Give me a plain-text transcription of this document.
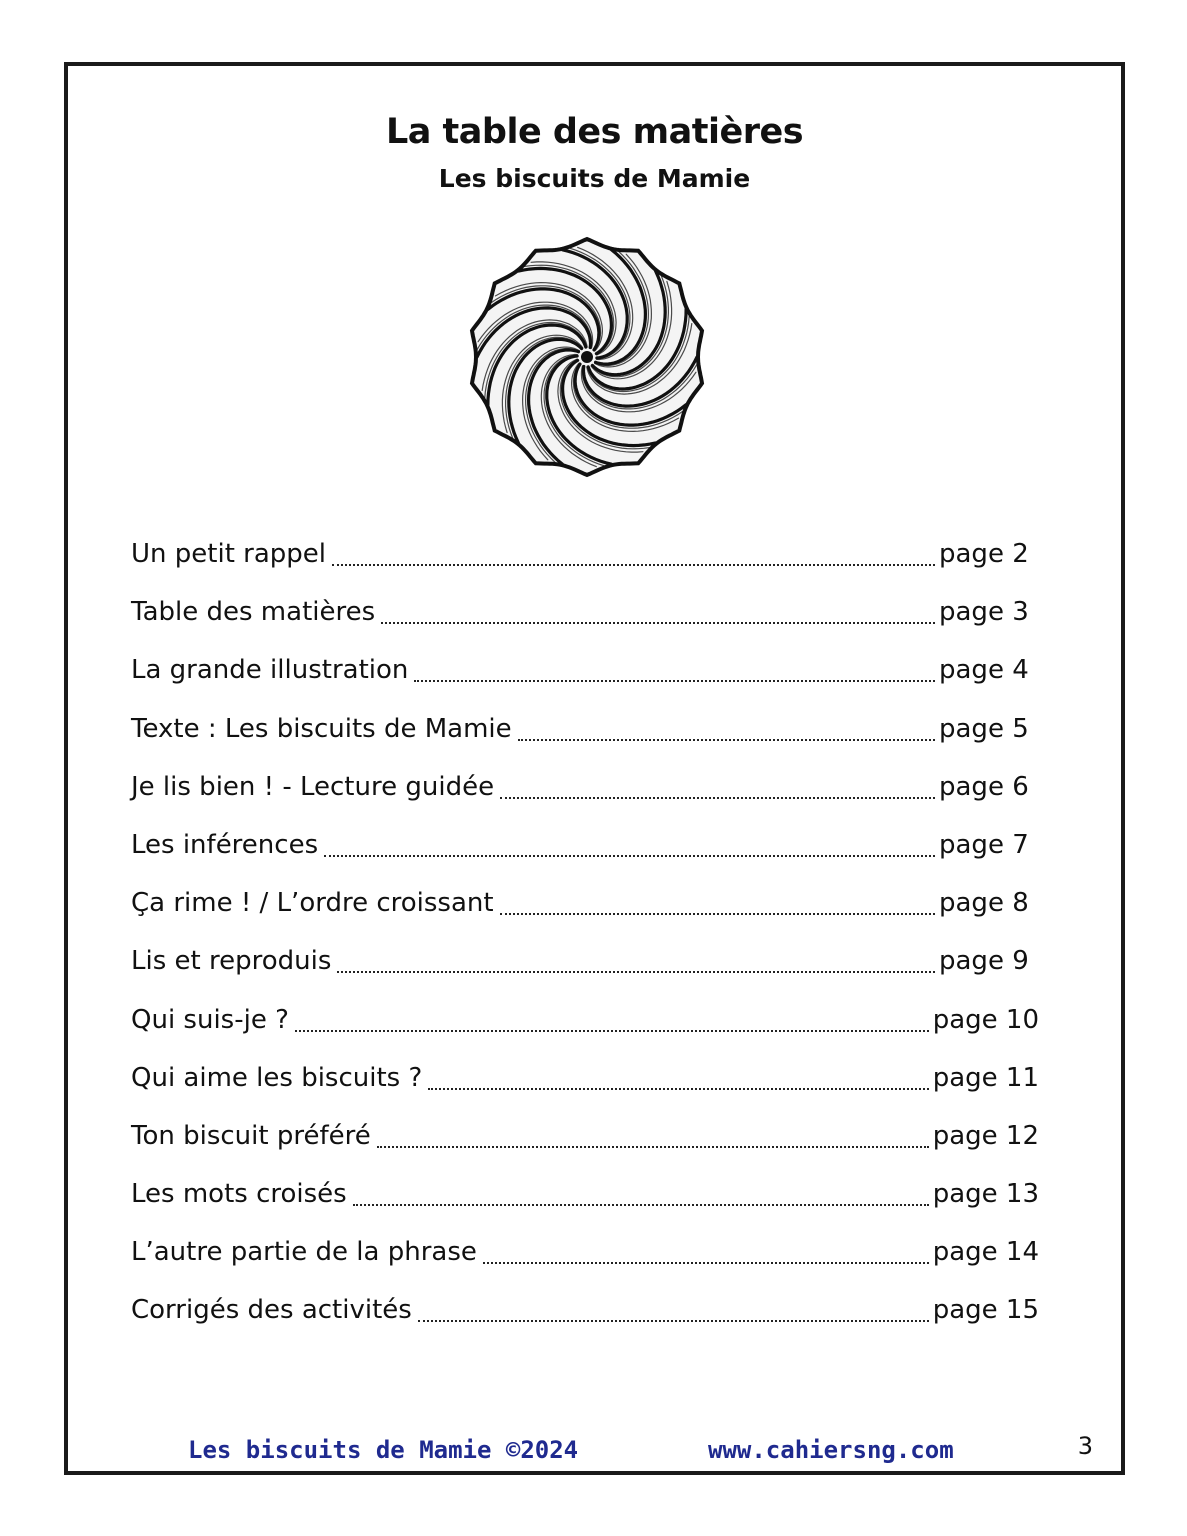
La table des matières
Les biscuits de Mamie
Un petit rappel	page 2
Table des matières	page 3
La grande illustration	page 4
Texte : Les biscuits de Mamie	page 5
Je lis bien ! - Lecture guidée	page 6
Les inférences	page 7
Ça rime ! / L’ordre croissant	page 8
Lis et reproduis	page 9
Qui suis-je ?	page 10
Qui aime les biscuits ?	page 11
Ton biscuit préféré	page 12
Les mots croisés	page 13
L’autre partie de la phrase	page 14
Corrigés des activités	page 15
Les biscuits de Mamie ©2024	www.cahiersng.com	3
